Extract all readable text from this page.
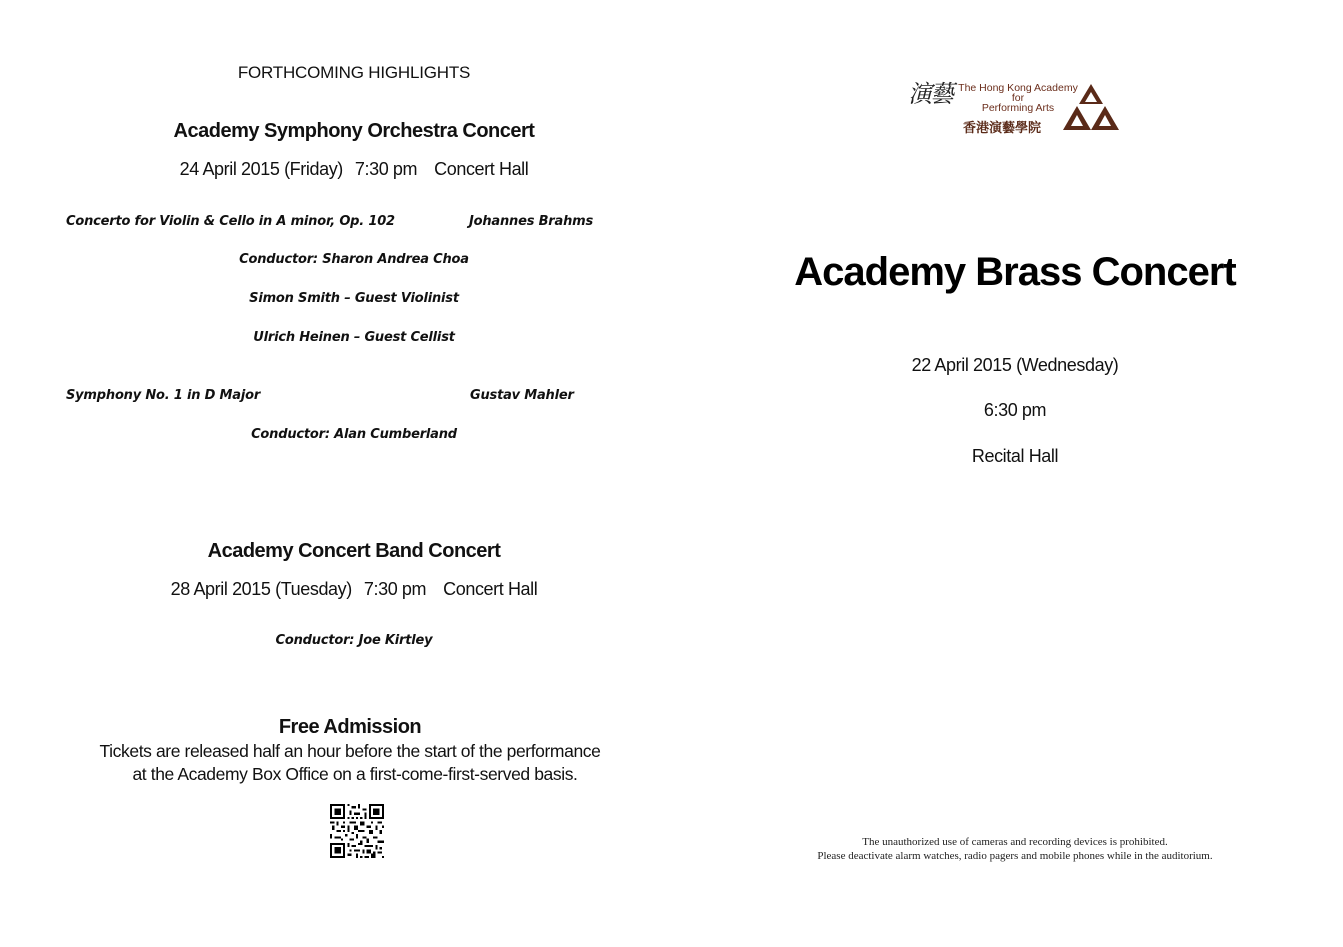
FORTHCOMING HIGHLIGHTS
Academy Symphony Orchestra Concert
24 April 2015 (Friday) 7:30 pm Concert Hall
Concerto for Violin & Cello in A minor, Op. 102	Johannes Brahms
Conductor: Sharon Andrea Choa
Simon Smith – Guest Violinist
Ulrich Heinen – Guest Cellist
Symphony No. 1 in D Major	Gustav Mahler
Conductor: Alan Cumberland
Academy Concert Band Concert
28 April 2015 (Tuesday) 7:30 pm Concert Hall
Conductor: Joe Kirtley
Free Admission
Tickets are released half an hour before the start of the performance
at the Academy Box Office on a first-come-first-served basis.
演藝 The Hong Kong Academy
for
Performing Arts
香港演藝學院
Academy Brass Concert
22 April 2015 (Wednesday)
6:30 pm
Recital Hall
The unauthorized use of cameras and recording devices is prohibited.
Please deactivate alarm watches, radio pagers and mobile phones while in the auditorium.
